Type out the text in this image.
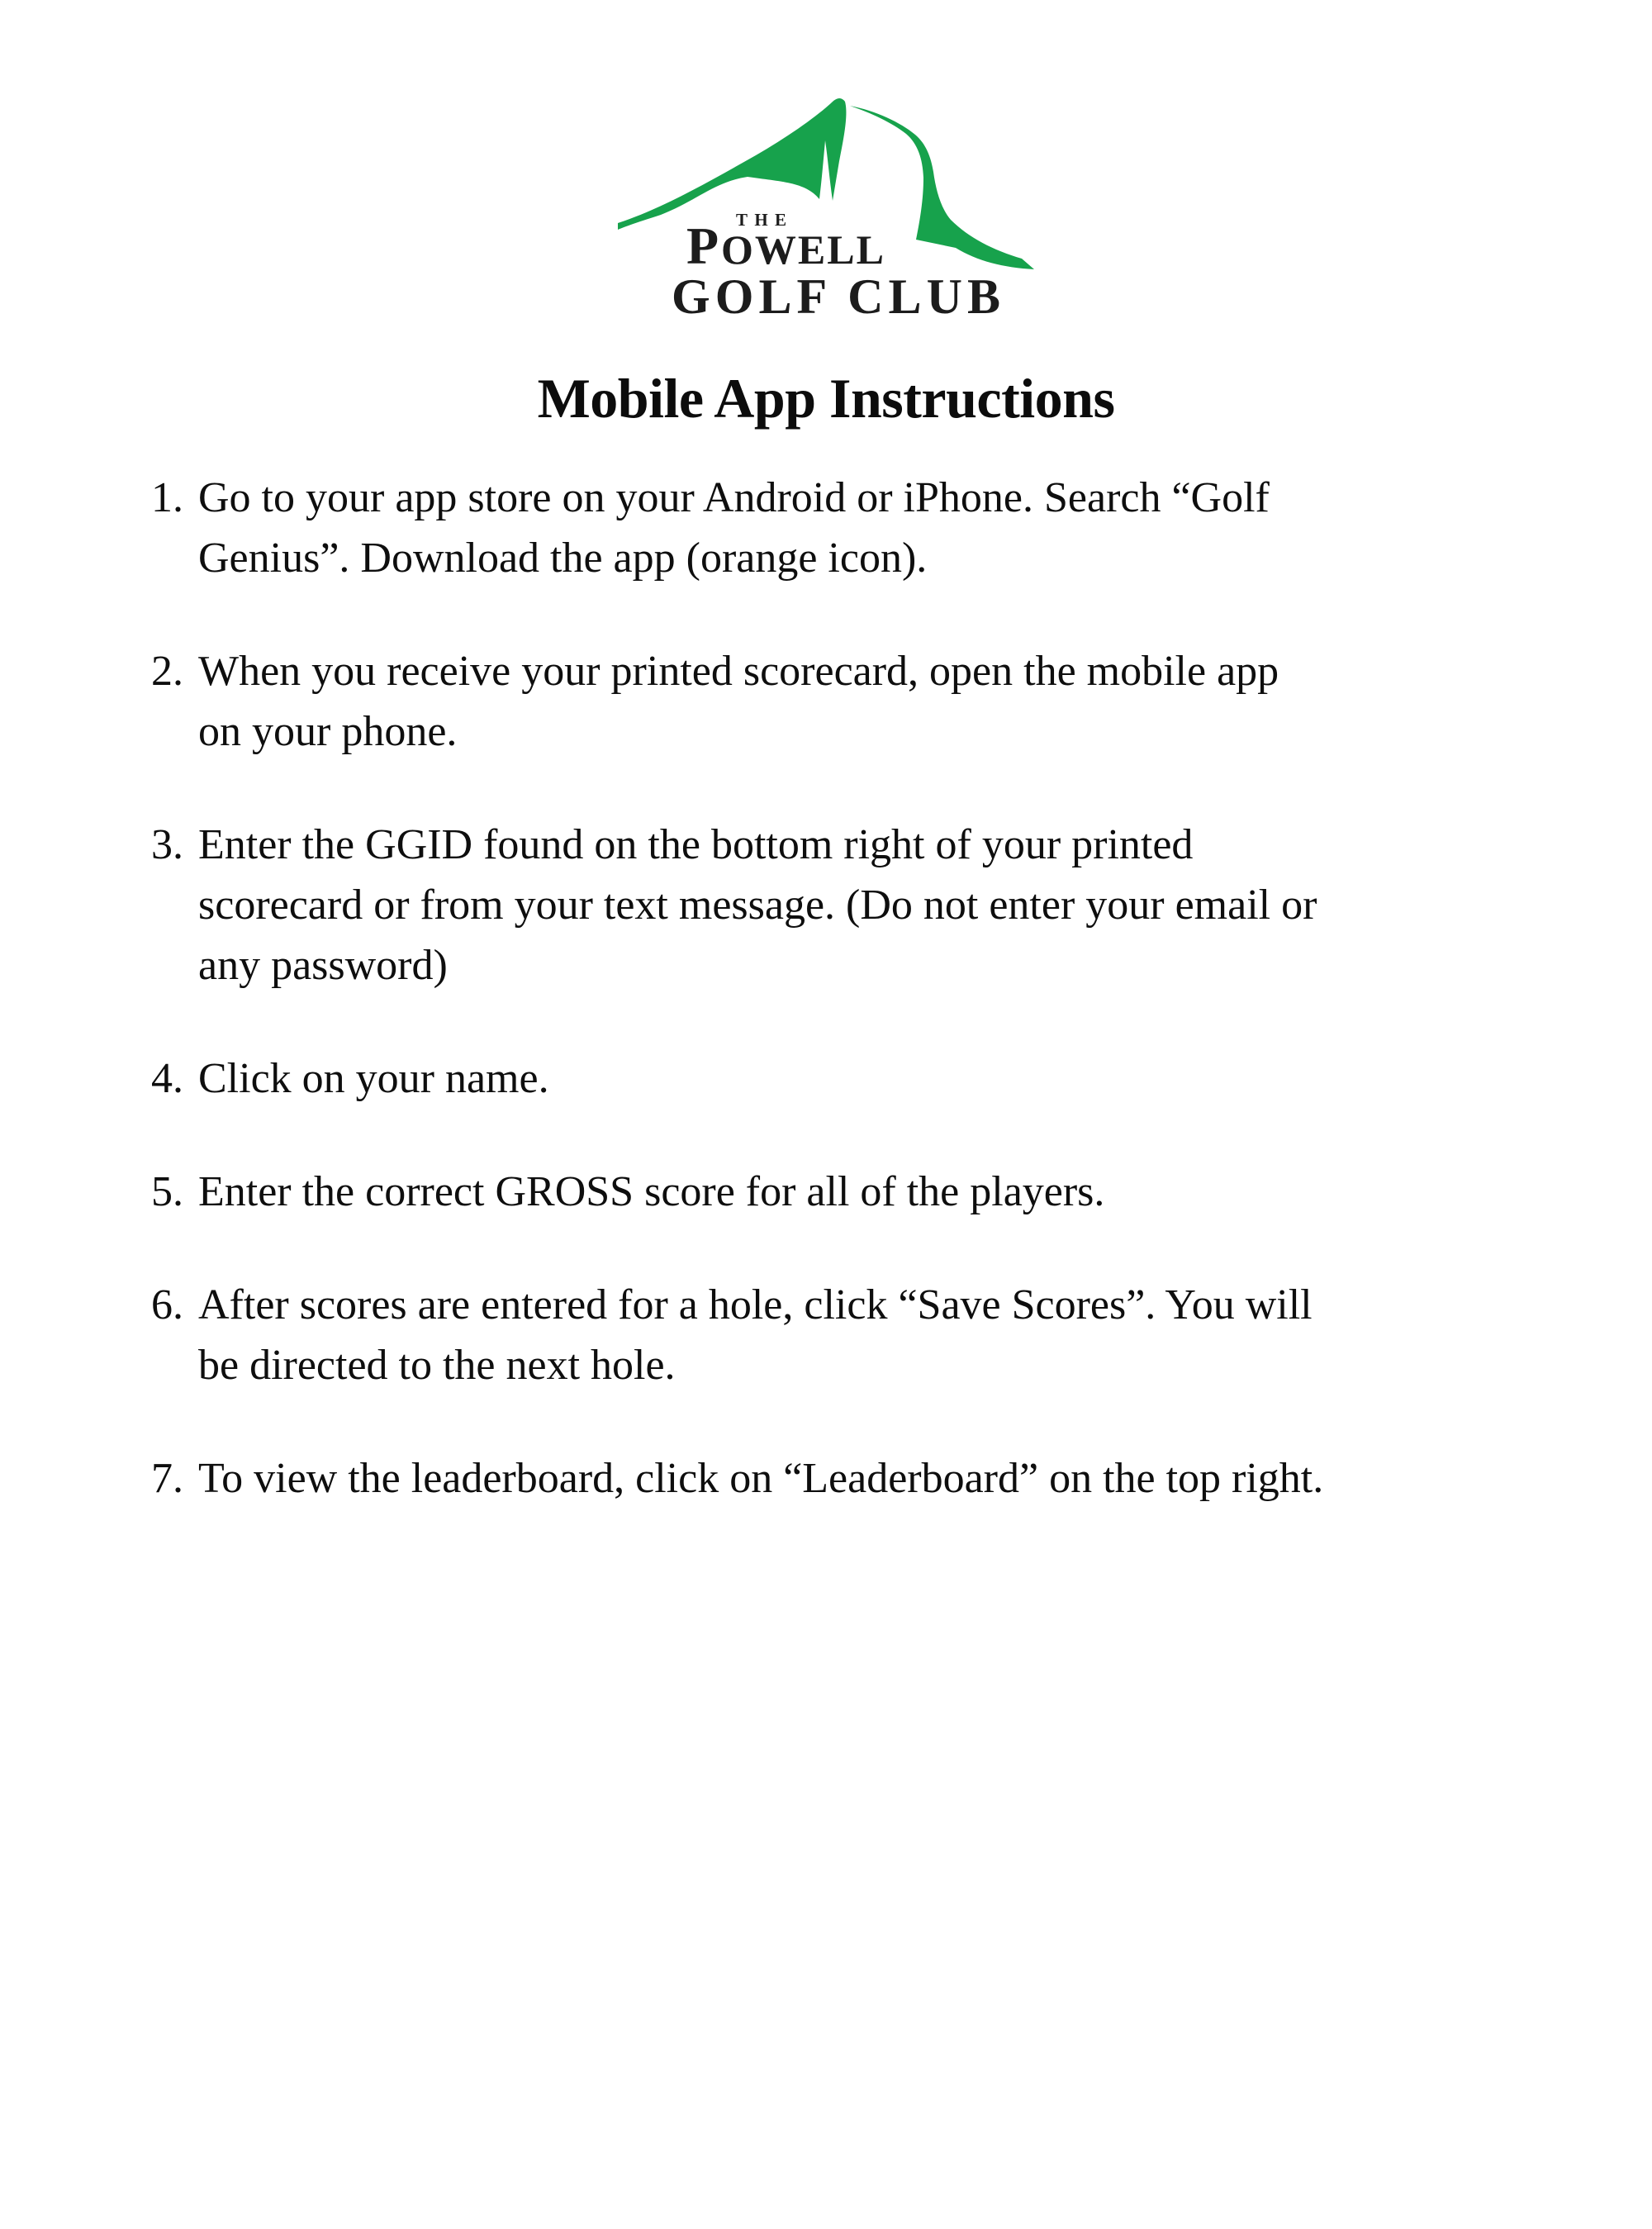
THE
P OWELL
GOLF CLUB
Mobile App Instructions
1. Go to your app store on your Android or iPhone. Search “Golf
Genius”. Download the app (orange icon).
2. When you receive your printed scorecard, open the mobile app
on your phone.
3. Enter the GGID found on the bottom right of your printed
scorecard or from your text message. (Do not enter your email or
any password)
4. Click on your name.
5. Enter the correct GROSS score for all of the players.
6. After scores are entered for a hole, click “Save Scores”. You will
be directed to the next hole.
7. To view the leaderboard, click on “Leaderboard” on the top right.
